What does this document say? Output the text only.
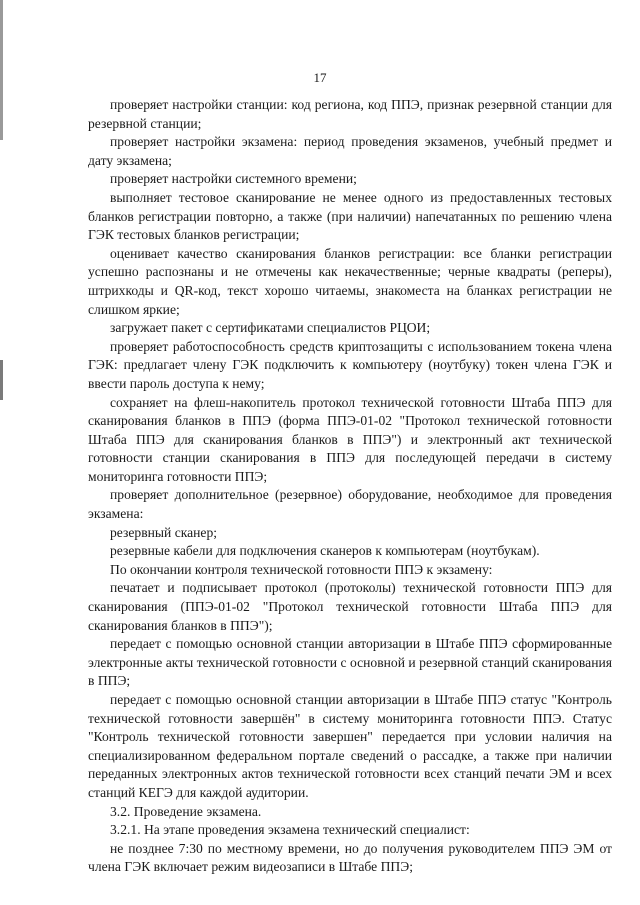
17

проверяет настройки станции: код региона, код ППЭ, признак резервной станции для резервной станции;

проверяет настройки экзамена: период проведения экзаменов, учебный предмет и дату экзамена;

проверяет настройки системного времени;

выполняет тестовое сканирование не менее одного из предоставленных тестовых бланков регистрации повторно, а также (при наличии) напечатанных по решению члена ГЭК тестовых бланков регистрации;

оценивает качество сканирования бланков регистрации: все бланки регистрации успешно распознаны и не отмечены как некачественные; черные квадраты (реперы), штрихкоды и QR-код, текст хорошо читаемы, знакоместа на бланках регистрации не слишком яркие;

загружает пакет с сертификатами специалистов РЦОИ;

проверяет работоспособность средств криптозащиты с использованием токена члена ГЭК: предлагает члену ГЭК подключить к компьютеру (ноутбуку) токен члена ГЭК и ввести пароль доступа к нему;

сохраняет на флеш-накопитель протокол технической готовности Штаба ППЭ для сканирования бланков в ППЭ (форма ППЭ-01-02 "Протокол технической готовности Штаба ППЭ для сканирования бланков в ППЭ") и электронный акт технической готовности станции сканирования в ППЭ для последующей передачи в систему мониторинга готовности ППЭ;

проверяет дополнительное (резервное) оборудование, необходимое для проведения экзамена:

резервный сканер;

резервные кабели для подключения сканеров к компьютерам (ноутбукам).

По окончании контроля технической готовности ППЭ к экзамену:

печатает и подписывает протокол (протоколы) технической готовности ППЭ для сканирования (ППЭ-01-02 "Протокол технической готовности Штаба ППЭ для сканирования бланков в ППЭ");

передает с помощью основной станции авторизации в Штабе ППЭ сформированные электронные акты технической готовности с основной и резервной станций сканирования в ППЭ;

передает с помощью основной станции авторизации в Штабе ППЭ статус "Контроль технической готовности завершён" в систему мониторинга готовности ППЭ. Статус "Контроль технической готовности завершен" передается при условии наличия на специализированном федеральном портале сведений о рассадке, а также при наличии переданных электронных актов технической готовности всех станций печати ЭМ и всех станций КЕГЭ для каждой аудитории.

3.2. Проведение экзамена.

3.2.1. На этапе проведения экзамена технический специалист:

не позднее 7:30 по местному времени, но до получения руководителем ППЭ ЭМ от члена ГЭК включает режим видеозаписи в Штабе ППЭ;
